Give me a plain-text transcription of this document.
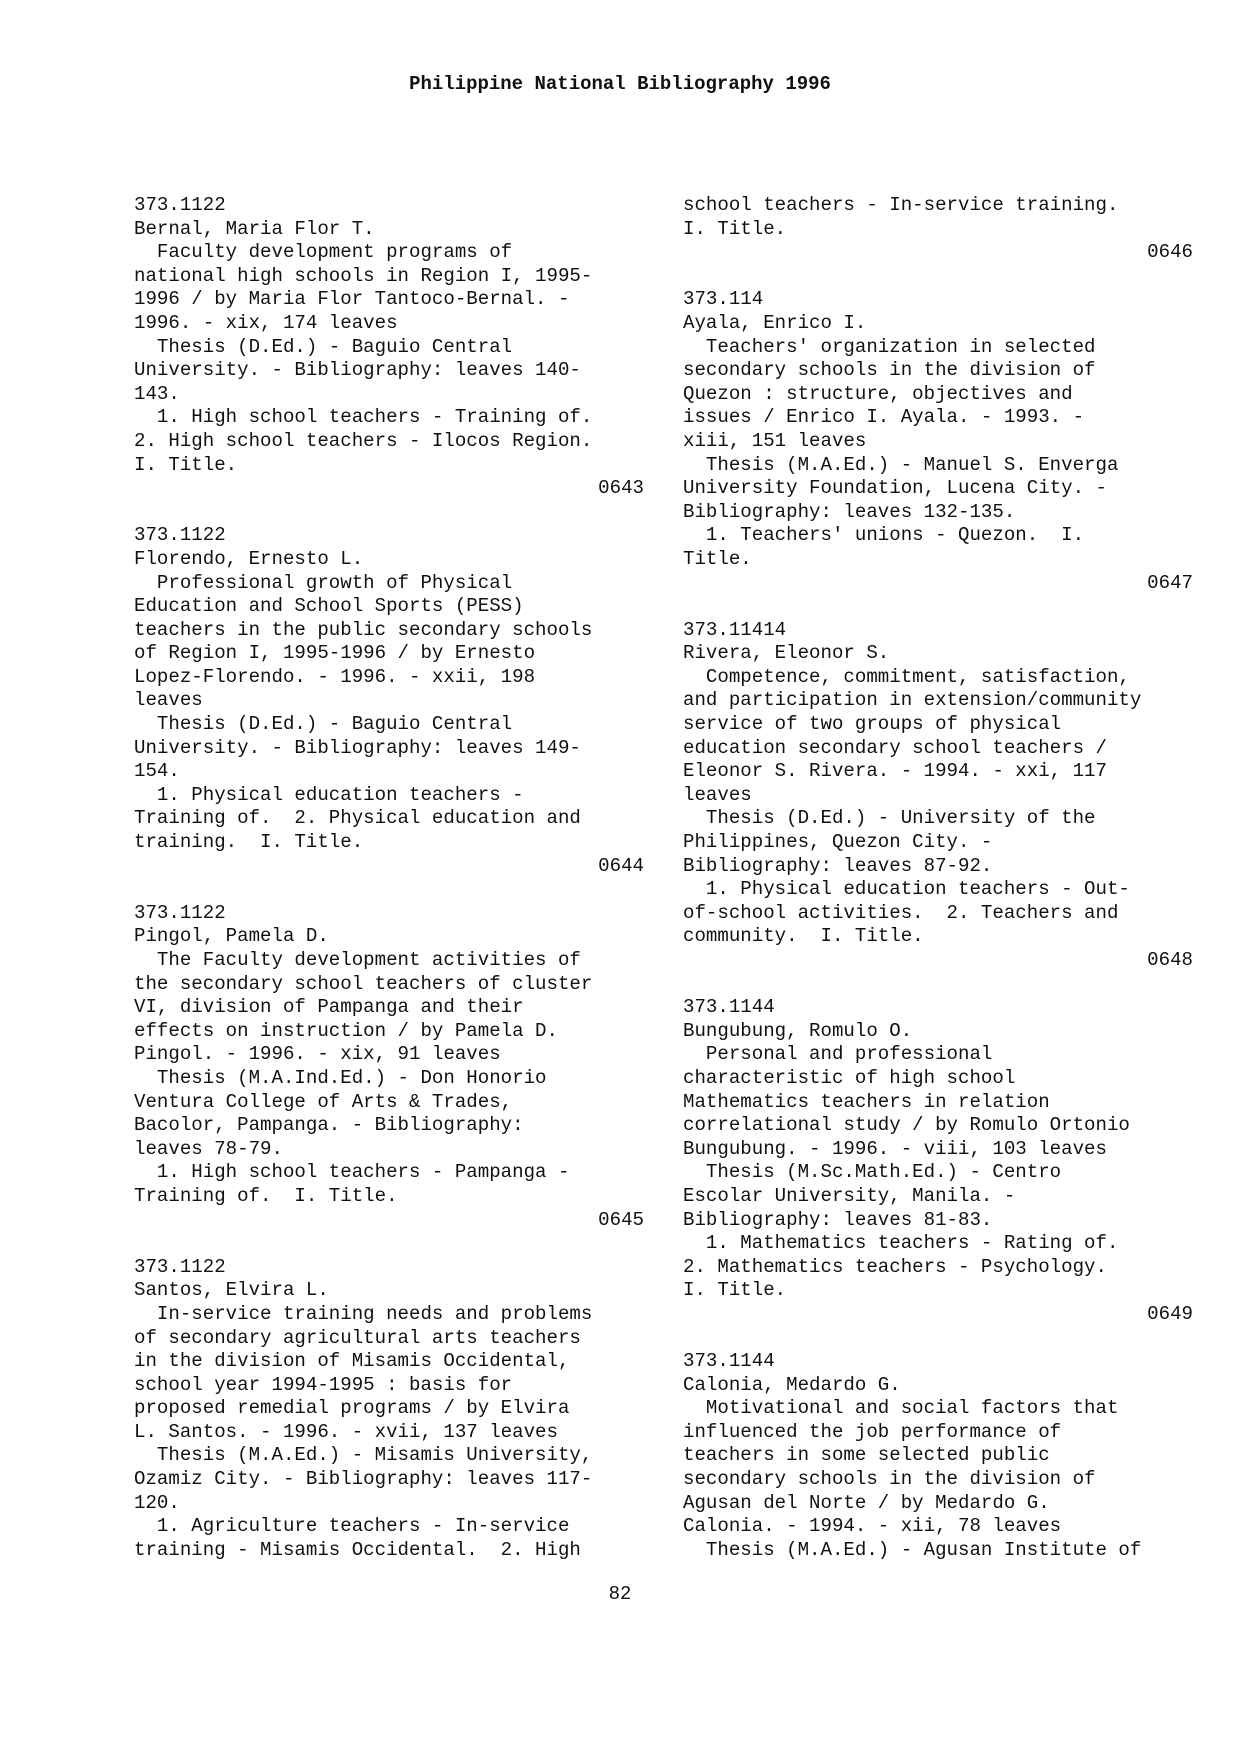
Philippine National Bibliography 1996
373.1122
Bernal, Maria Flor T.
Faculty development programs of
national high schools in Region I, 1995-
1996 / by Maria Flor Tantoco-Bernal. -
1996. - xix, 174 leaves
Thesis (D.Ed.) - Baguio Central
University. - Bibliography: leaves 140-
143.
1. High school teachers - Training of.
2. High school teachers - Ilocos Region.
I. Title.
0643
373.1122
Florendo, Ernesto L.
Professional growth of Physical
Education and School Sports (PESS)
teachers in the public secondary schools
of Region I, 1995-1996 / by Ernesto
Lopez-Florendo. - 1996. - xxii, 198
leaves
Thesis (D.Ed.) - Baguio Central
University. - Bibliography: leaves 149-
154.
1. Physical education teachers -
Training of.  2. Physical education and
training.  I. Title.
0644
373.1122
Pingol, Pamela D.
The Faculty development activities of
the secondary school teachers of cluster
VI, division of Pampanga and their
effects on instruction / by Pamela D.
Pingol. - 1996. - xix, 91 leaves
Thesis (M.A.Ind.Ed.) - Don Honorio
Ventura College of Arts & Trades,
Bacolor, Pampanga. - Bibliography:
leaves 78-79.
1. High school teachers - Pampanga -
Training of.  I. Title.
0645
373.1122
Santos, Elvira L.
In-service training needs and problems
of secondary agricultural arts teachers
in the division of Misamis Occidental,
school year 1994-1995 : basis for
proposed remedial programs / by Elvira
L. Santos. - 1996. - xvii, 137 leaves
Thesis (M.A.Ed.) - Misamis University,
Ozamiz City. - Bibliography: leaves 117-
120.
1. Agriculture teachers - In-service
training - Misamis Occidental.  2. High
school teachers - In-service training.
I. Title.
0646
373.114
Ayala, Enrico I.
Teachers' organization in selected
secondary schools in the division of
Quezon : structure, objectives and
issues / Enrico I. Ayala. - 1993. -
xiii, 151 leaves
Thesis (M.A.Ed.) - Manuel S. Enverga
University Foundation, Lucena City. -
Bibliography: leaves 132-135.
1. Teachers' unions - Quezon.  I.
Title.
0647
373.11414
Rivera, Eleonor S.
Competence, commitment, satisfaction,
and participation in extension/community
service of two groups of physical
education secondary school teachers /
Eleonor S. Rivera. - 1994. - xxi, 117
leaves
Thesis (D.Ed.) - University of the
Philippines, Quezon City. -
Bibliography: leaves 87-92.
1. Physical education teachers - Out-
of-school activities.  2. Teachers and
community.  I. Title.
0648
373.1144
Bungubung, Romulo O.
Personal and professional
characteristic of high school
Mathematics teachers in relation
correlational study / by Romulo Ortonio
Bungubung. - 1996. - viii, 103 leaves
Thesis (M.Sc.Math.Ed.) - Centro
Escolar University, Manila. -
Bibliography: leaves 81-83.
1. Mathematics teachers - Rating of.
2. Mathematics teachers - Psychology.
I. Title.
0649
373.1144
Calonia, Medardo G.
Motivational and social factors that
influenced the job performance of
teachers in some selected public
secondary schools in the division of
Agusan del Norte / by Medardo G.
Calonia. - 1994. - xii, 78 leaves
Thesis (M.A.Ed.) - Agusan Institute of
82
